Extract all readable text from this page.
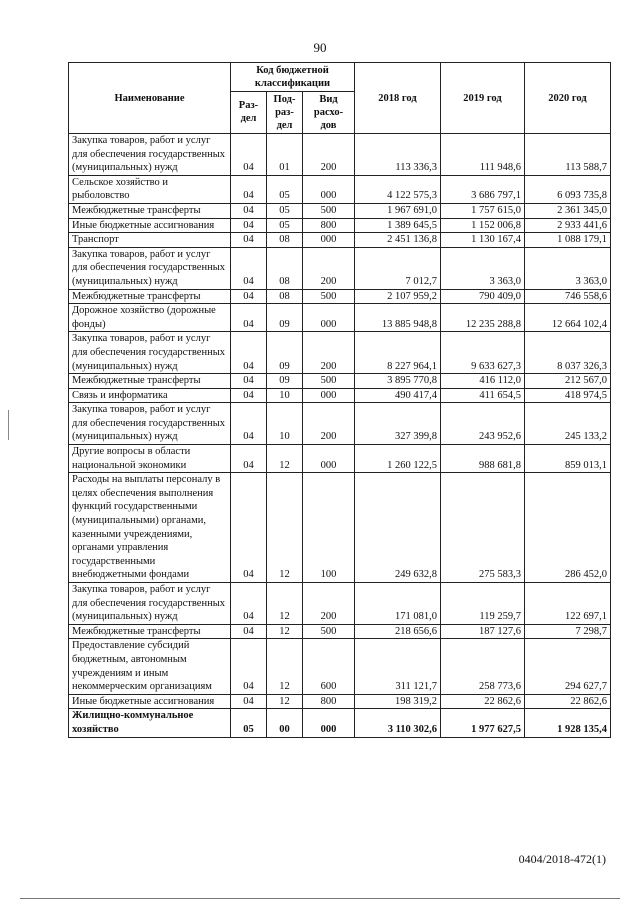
90
Наименование	Код бюджетной классификации			2018 год	2019 год	2020 год
	Раз-дел	Под-раз-дел	Вид расхо-дов			
Закупка товаров, работ и услуг для обеспечения государственных (муниципальных) нужд	04	01	200	113 336,3	111 948,6	113 588,7
Сельское хозяйство и рыболовство	04	05	000	4 122 575,3	3 686 797,1	6 093 735,8
Межбюджетные трансферты	04	05	500	1 967 691,0	1 757 615,0	2 361 345,0
Иные бюджетные ассигнования	04	05	800	1 389 645,5	1 152 006,8	2 933 441,6
Транспорт	04	08	000	2 451 136,8	1 130 167,4	1 088 179,1
Закупка товаров, работ и услуг для обеспечения государственных (муниципальных) нужд	04	08	200	7 012,7	3 363,0	3 363,0
Межбюджетные трансферты	04	08	500	2 107 959,2	790 409,0	746 558,6
Дорожное хозяйство (дорожные фонды)	04	09	000	13 885 948,8	12 235 288,8	12 664 102,4
Закупка товаров, работ и услуг для обеспечения государственных (муниципальных) нужд	04	09	200	8 227 964,1	9 633 627,3	8 037 326,3
Межбюджетные трансферты	04	09	500	3 895 770,8	416 112,0	212 567,0
Связь и информатика	04	10	000	490 417,4	411 654,5	418 974,5
Закупка товаров, работ и услуг для обеспечения государственных (муниципальных) нужд	04	10	200	327 399,8	243 952,6	245 133,2
Другие вопросы в области национальной экономики	04	12	000	1 260 122,5	988 681,8	859 013,1
Расходы на выплаты персоналу в целях обеспечения выполнения функций государственными (муниципальными) органами, казенными учреждениями, органами управления государственными внебюджетными фондами	04	12	100	249 632,8	275 583,3	286 452,0
Закупка товаров, работ и услуг для обеспечения государственных (муниципальных) нужд	04	12	200	171 081,0	119 259,7	122 697,1
Межбюджетные трансферты	04	12	500	218 656,6	187 127,6	7 298,7
Предоставление субсидий бюджетным, автономным учреждениям и иным некоммерческим организациям	04	12	600	311 121,7	258 773,6	294 627,7
Иные бюджетные ассигнования	04	12	800	198 319,2	22 862,6	22 862,6
Жилищно-коммунальное хозяйство	05	00	000	3 110 302,6	1 977 627,5	1 928 135,4
0404/2018-472(1)
